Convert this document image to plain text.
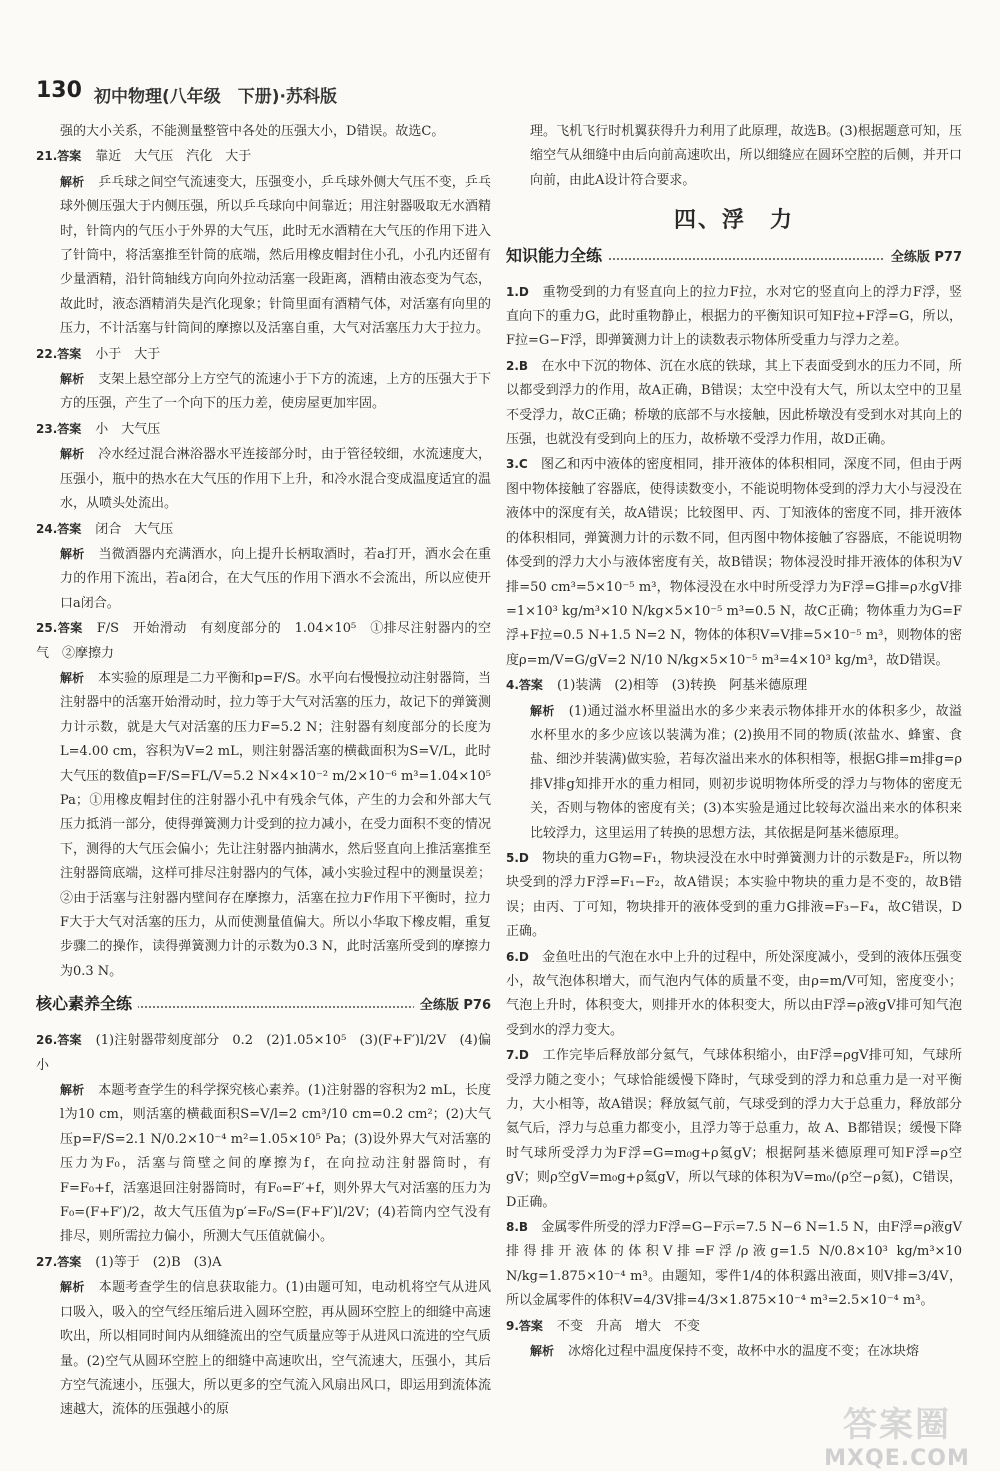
130 初中物理(八年级　下册)·苏科版

强的大小关系，不能测量整管中各处的压强大小，D错误。故选C。

21.答案 靠近　大气压　汽化　大于

解析 乒乓球之间空气流速变大，压强变小，乒乓球外侧大气压不变，乒乓球外侧压强大于内侧压强，所以乒乓球向中间靠近；用注射器吸取无水酒精时，针筒内的气压小于外界的大气压，此时无水酒精在大气压的作用下进入了针筒中，将活塞推至针筒的底端，然后用橡皮帽封住小孔，小孔内还留有少量酒精，沿针筒轴线方向向外拉动活塞一段距离，酒精由液态变为气态，故此时，液态酒精消失是汽化现象；针筒里面有酒精气体，对活塞有向里的压力，不计活塞与针筒间的摩擦以及活塞自重，大气对活塞压力大于拉力。

22.答案 小于　大于

解析 支架上悬空部分上方空气的流速小于下方的流速，上方的压强大于下方的压强，产生了一个向下的压力差，使房屋更加牢固。

23.答案 小　大气压

解析 冷水经过混合淋浴器水平连接部分时，由于管径较细，水流速度大，压强小，瓶中的热水在大气压的作用下上升，和冷水混合变成温度适宜的温水，从喷头处流出。

24.答案 闭合　大气压

解析 当微酒器内充满酒水，向上提升长柄取酒时，若a打开，酒水会在重力的作用下流出，若a闭合，在大气压的作用下酒水不会流出，所以应使开口a闭合。

25.答案 F/S　开始滑动　有刻度部分的　1.04×10⁵　①排尽注射器内的空气　②摩擦力

解析 本实验的原理是二力平衡和p=F/S。水平向右慢慢拉动注射器筒，当注射器中的活塞开始滑动时，拉力等于大气对活塞的压力，故记下的弹簧测力计示数，就是大气对活塞的压力F=5.2 N；注射器有刻度部分的长度为L=4.00 cm，容积为V=2 mL，则注射器活塞的横截面积为S=V/L，此时大气压的数值p=F/S=FL/V=5.2 N×4×10⁻² m/2×10⁻⁶ m³=1.04×10⁵ Pa；①用橡皮帽封住的注射器小孔中有残余气体，产生的力会和外部大气压力抵消一部分，使得弹簧测力计受到的拉力减小，在受力面积不变的情况下，测得的大气压会偏小；先让注射器内抽满水，然后竖直向上推活塞推至注射器筒底端，这样可排尽注射器内的气体，减小实验过程中的测量误差；②由于活塞与注射器内壁间存在摩擦力，活塞在拉力F作用下平衡时，拉力F大于大气对活塞的压力，从而使测量值偏大。所以小华取下橡皮帽，重复步骤二的操作，读得弹簧测力计的示数为0.3 N，此时活塞所受到的摩擦力为0.3 N。

核心素养全练	全练版 P76

26.答案 (1)注射器带刻度部分　0.2　(2)1.05×10⁵　(3)(F+F′)l/2V　(4)偏小

解析 本题考查学生的科学探究核心素养。(1)注射器的容积为2 mL，长度l为10 cm，则活塞的横截面积S=V/l=2 cm³/10 cm=0.2 cm²；(2)大气压p=F/S=2.1 N/0.2×10⁻⁴ m²=1.05×10⁵ Pa；(3)设外界大气对活塞的压力为F₀，活塞与筒壁之间的摩擦为f，在向拉动注射器筒时，有F=F₀+f，活塞退回注射器筒时，有F₀=F′+f，则外界大气对活塞的压力为F₀=(F+F′)/2，故大气压值为p′=F₀/S=(F+F′)l/2V；(4)若筒内空气没有排尽，则所需拉力偏小，所测大气压值就偏小。

27.答案 (1)等于　(2)B　(3)A

解析 本题考查学生的信息获取能力。(1)由题可知，电动机将空气从进风口吸入，吸入的空气经压缩后进入圆环空腔，再从圆环空腔上的细缝中高速吹出，所以相同时间内从细缝流出的空气质量应等于从进风口流进的空气质量。(2)空气从圆环空腔上的细缝中高速吹出，空气流速大，压强小，其后方空气流速小，压强大，所以更多的空气流入风扇出风口，即运用到流体流速越大，流体的压强越小的原

理。飞机飞行时机翼获得升力利用了此原理，故选B。(3)根据题意可知，压缩空气从细缝中由后向前高速吹出，所以细缝应在圆环空腔的后侧，并开口向前，由此A设计符合要求。

四、浮　力
知识能力全练	全练版 P77

1.D　 重物受到的力有竖直向上的拉力F拉，水对它的竖直向上的浮力F浮，竖直向下的重力G，此时重物静止，根据力的平衡知识可知F拉+F浮=G，所以，F拉=G−F浮，即弹簧测力计上的读数表示物体所受重力与浮力之差。

2.B　 在水中下沉的物体、沉在水底的铁球，其上下表面受到水的压力不同，所以都受到浮力的作用，故A正确，B错误；太空中没有大气，所以太空中的卫星不受浮力，故C正确；桥墩的底部不与水接触，因此桥墩没有受到水对其向上的压强，也就没有受到向上的压力，故桥墩不受浮力作用，故D正确。

3.C　 图乙和丙中液体的密度相同，排开液体的体积相同，深度不同，但由于两图中物体接触了容器底，使得读数变小，不能说明物体受到的浮力大小与浸没在液体中的深度有关，故A错误；比较图甲、丙、丁知液体的密度不同，排开液体的体积相同，弹簧测力计的示数不同，但丙图中物体接触了容器底，不能说明物体受到的浮力大小与液体密度有关，故B错误；物体浸没时排开液体的体积为V排=50 cm³=5×10⁻⁵ m³，物体浸没在水中时所受浮力为F浮=G排=ρ水gV排=1×10³ kg/m³×10 N/kg×5×10⁻⁵ m³=0.5 N，故C正确；物体重力为G=F浮+F拉=0.5 N+1.5 N=2 N，物体的体积V=V排=5×10⁻⁵ m³，则物体的密度ρ=m/V=G/gV=2 N/10 N/kg×5×10⁻⁵ m³=4×10³ kg/m³，故D错误。

4.答案 (1)装满　(2)相等　(3)转换　阿基米德原理

解析 (1)通过溢水杯里溢出水的多少来表示物体排开水的体积多少，故溢水杯里水的多少应该以装满为准；(2)换用不同的物质(浓盐水、蜂蜜、食盐、细沙并装满)做实验，若每次溢出来水的体积相等，根据G排=m排g=ρ排V排g知排开水的重力相同，则初步说明物体所受的浮力与物体的密度无关，否则与物体的密度有关；(3)本实验是通过比较每次溢出来水的体积来比较浮力，这里运用了转换的思想方法，其依据是阿基米德原理。

5.D　 物块的重力G物=F₁，物块浸没在水中时弹簧测力计的示数是F₂，所以物块受到的浮力F浮=F₁−F₂，故A错误；本实验中物块的重力是不变的，故B错误；由丙、丁可知，物块排开的液体受到的重力G排液=F₃−F₄，故C错误，D正确。

6.D　 金鱼吐出的气泡在水中上升的过程中，所处深度减小，受到的液体压强变小，故气泡体积增大，而气泡内气体的质量不变，由ρ=m/V可知，密度变小；气泡上升时，体积变大，则排开水的体积变大，所以由F浮=ρ液gV排可知气泡受到水的浮力变大。

7.D　 工作完毕后释放部分氦气，气球体积缩小，由F浮=ρgV排可知，气球所受浮力随之变小；气球恰能缓慢下降时，气球受到的浮力和总重力是一对平衡力，大小相等，故A错误；释放氦气前，气球受到的浮力大于总重力，释放部分氦气后，浮力与总重力都变小，且浮力等于总重力，故 A、B都错误；缓慢下降时气球所受浮力为F浮=G=m₀g+ρ氦gV；根据阿基米德原理可知F浮=ρ空gV；则ρ空gV=m₀g+ρ氦gV，所以气球的体积为V=m₀/(ρ空−ρ氦)，C错误，D正确。

8.B　 金属零件所受的浮力F浮=G−F示=7.5 N−6 N=1.5 N，由F浮=ρ液gV排得排开液体的体积V排=F浮/ρ液g=1.5 N/0.8×10³ kg/m³×10 N/kg=1.875×10⁻⁴ m³。由题知，零件1/4的体积露出液面，则V排=3/4V，所以金属零件的体积V=4/3V排=4/3×1.875×10⁻⁴ m³=2.5×10⁻⁴ m³。

9.答案 不变　升高　增大　不变

解析 冰熔化过程中温度保持不变，故杯中水的温度不变；在冰块熔

答案圈
MXQE.COM
